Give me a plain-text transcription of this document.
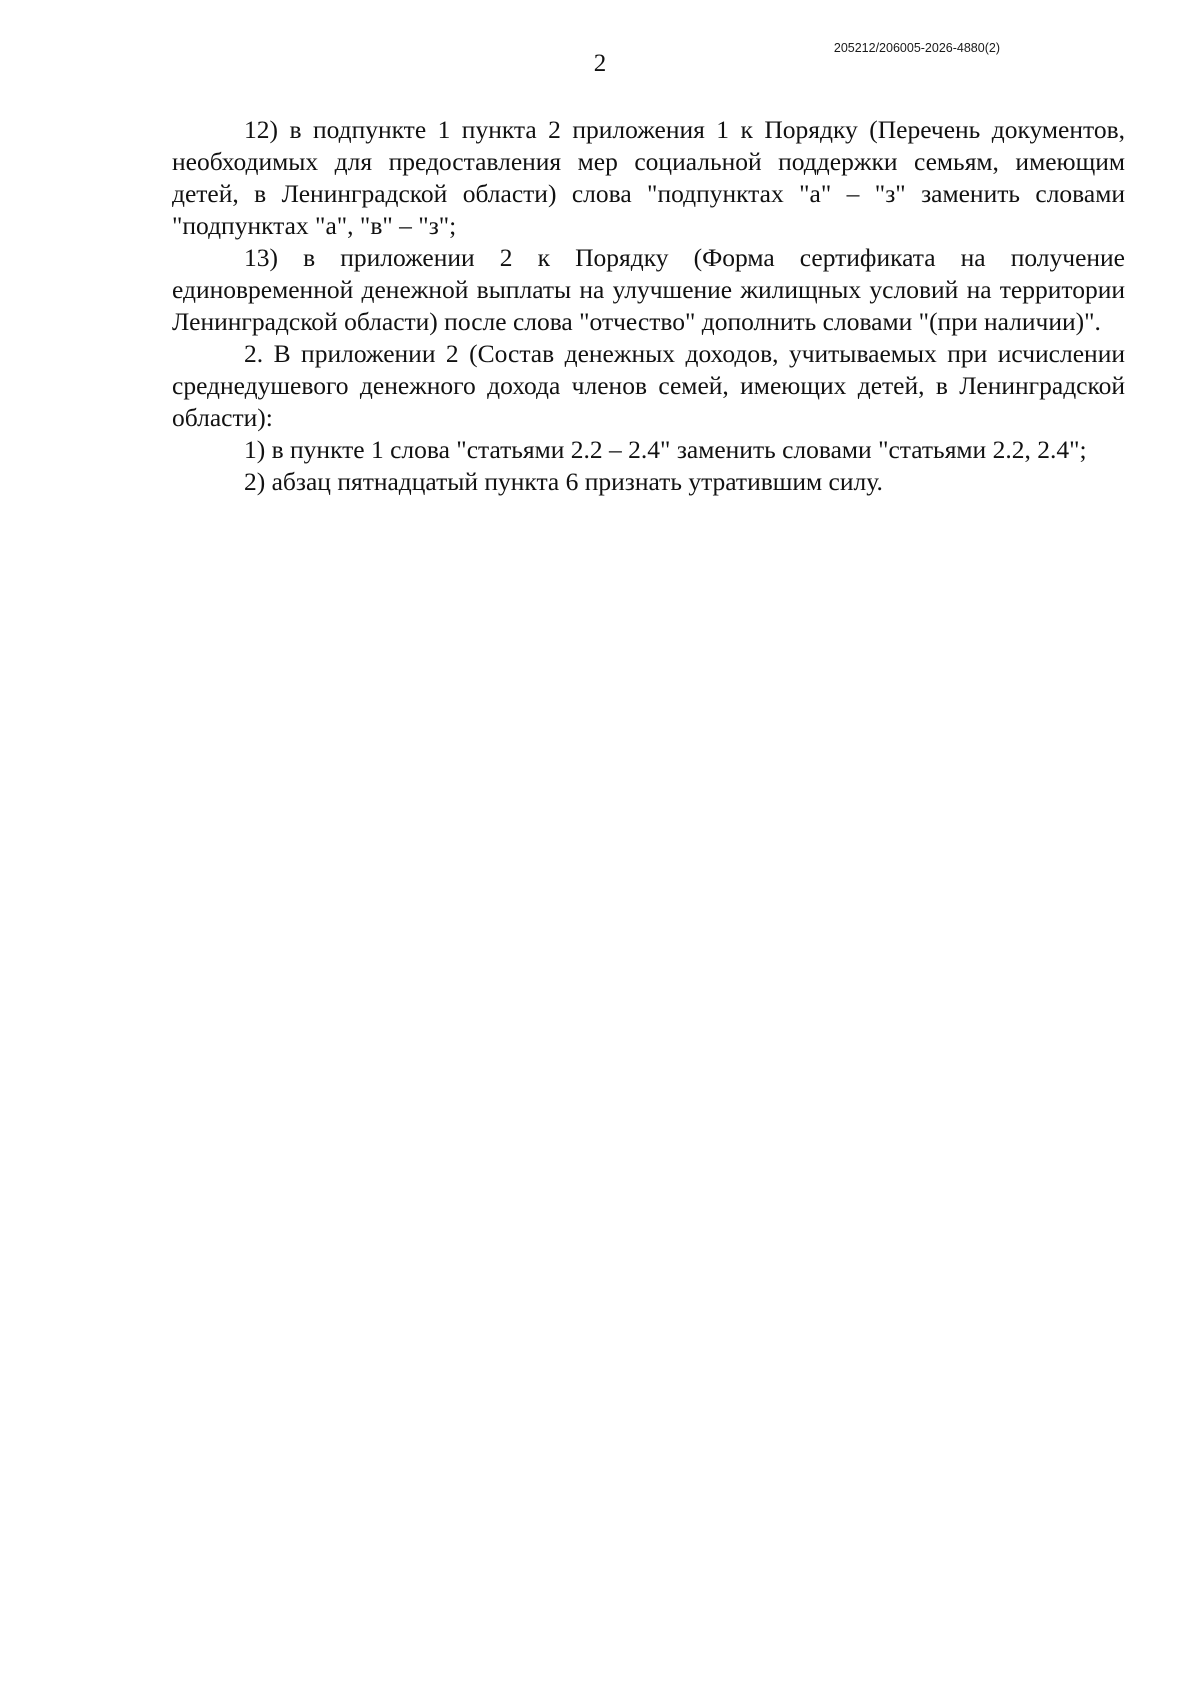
2
205212/206005-2026-4880(2)

12) в подпункте 1 пункта 2 приложения 1 к Порядку (Перечень документов, необходимых для предоставления мер социальной поддержки семьям, имеющим детей, в Ленинградской области) слова "подпунктах "а" – "з" заменить словами "подпунктах "а", "в" – "з";

13) в приложении 2 к Порядку (Форма сертификата на получение единовременной денежной выплаты на улучшение жилищных условий на территории Ленинградской области) после слова "отчество" дополнить словами "(при наличии)".

2. В приложении 2 (Состав денежных доходов, учитываемых при исчислении среднедушевого денежного дохода членов семей, имеющих детей, в Ленинградской области):

1) в пункте 1 слова "статьями 2.2 – 2.4" заменить словами "статьями 2.2, 2.4";

2) абзац пятнадцатый пункта 6 признать утратившим силу.
